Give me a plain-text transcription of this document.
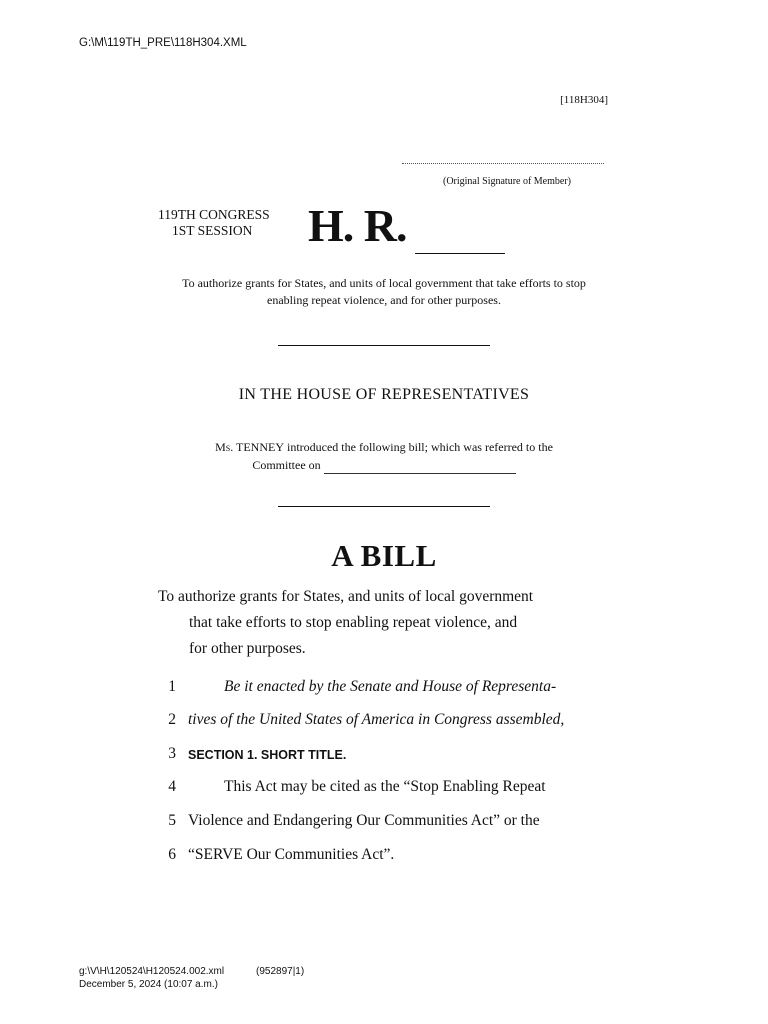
G:\M\119TH_PRE\118H304.XML
[118H304]
(Original Signature of Member)
119TH CONGRESS
1ST SESSION H. R.
To authorize grants for States, and units of local government that take efforts to stop enabling repeat violence, and for other purposes.
IN THE HOUSE OF REPRESENTATIVES
Ms. TENNEY introduced the following bill; which was referred to the
Committee on
A BILL
To authorize grants for States, and units of local government
that take efforts to stop enabling repeat violence, and
for other purposes.
1	Be it enacted by the Senate and House of Representa-
2 tives of the United States of America in Congress assembled,
3 SECTION 1. SHORT TITLE.
4	This Act may be cited as the “Stop Enabling Repeat
5 Violence and Endangering Our Communities Act” or the
6 “SERVE Our Communities Act”.
g:\V\H\120524\H120524.002.xml	(952897|1)
December 5, 2024 (10:07 a.m.)
